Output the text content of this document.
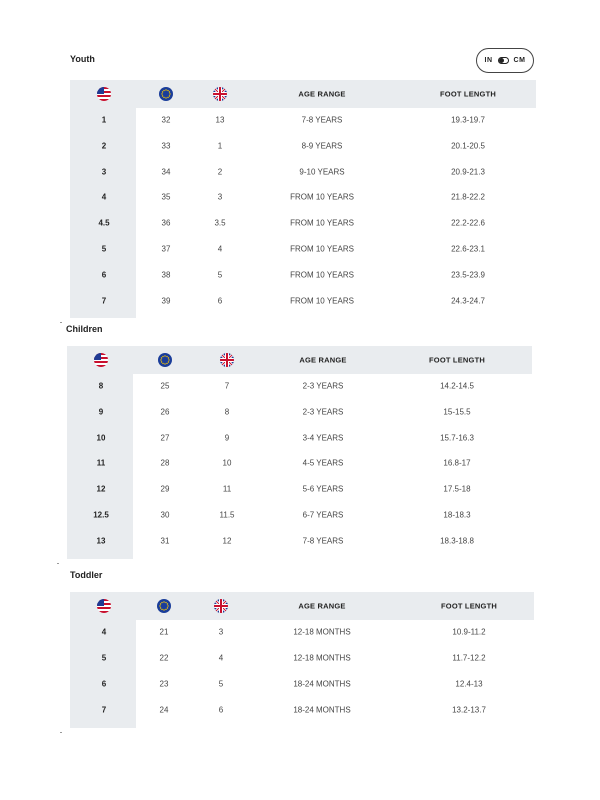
IN	CM
Youth
AGE RANGE	FOOT LENGTH
1	32	13	7-8 YEARS	19.3-19.7
2	33	1	8-9 YEARS	20.1-20.5
3	34	2	9-10 YEARS	20.9-21.3
4	35	3	FROM 10 YEARS	21.8-22.2
4.5	36	3.5	FROM 10 YEARS	22.2-22.6
5	37	4	FROM 10 YEARS	22.6-23.1
6	38	5	FROM 10 YEARS	23.5-23.9
7	39	6	FROM 10 YEARS	24.3-24.7
Children
AGE RANGE	FOOT LENGTH
8	25	7	2-3 YEARS	14.2-14.5
9	26	8	2-3 YEARS	15-15.5
10	27	9	3-4 YEARS	15.7-16.3
11	28	10	4-5 YEARS	16.8-17
12	29	11	5-6 YEARS	17.5-18
12.5	30	11.5	6-7 YEARS	18-18.3
13	31	12	7-8 YEARS	18.3-18.8
Toddler
AGE RANGE	FOOT LENGTH
4	21	3	12-18 MONTHS	10.9-11.2
5	22	4	12-18 MONTHS	11.7-12.2
6	23	5	18-24 MONTHS	12.4-13
7	24	6	18-24 MONTHS	13.2-13.7
